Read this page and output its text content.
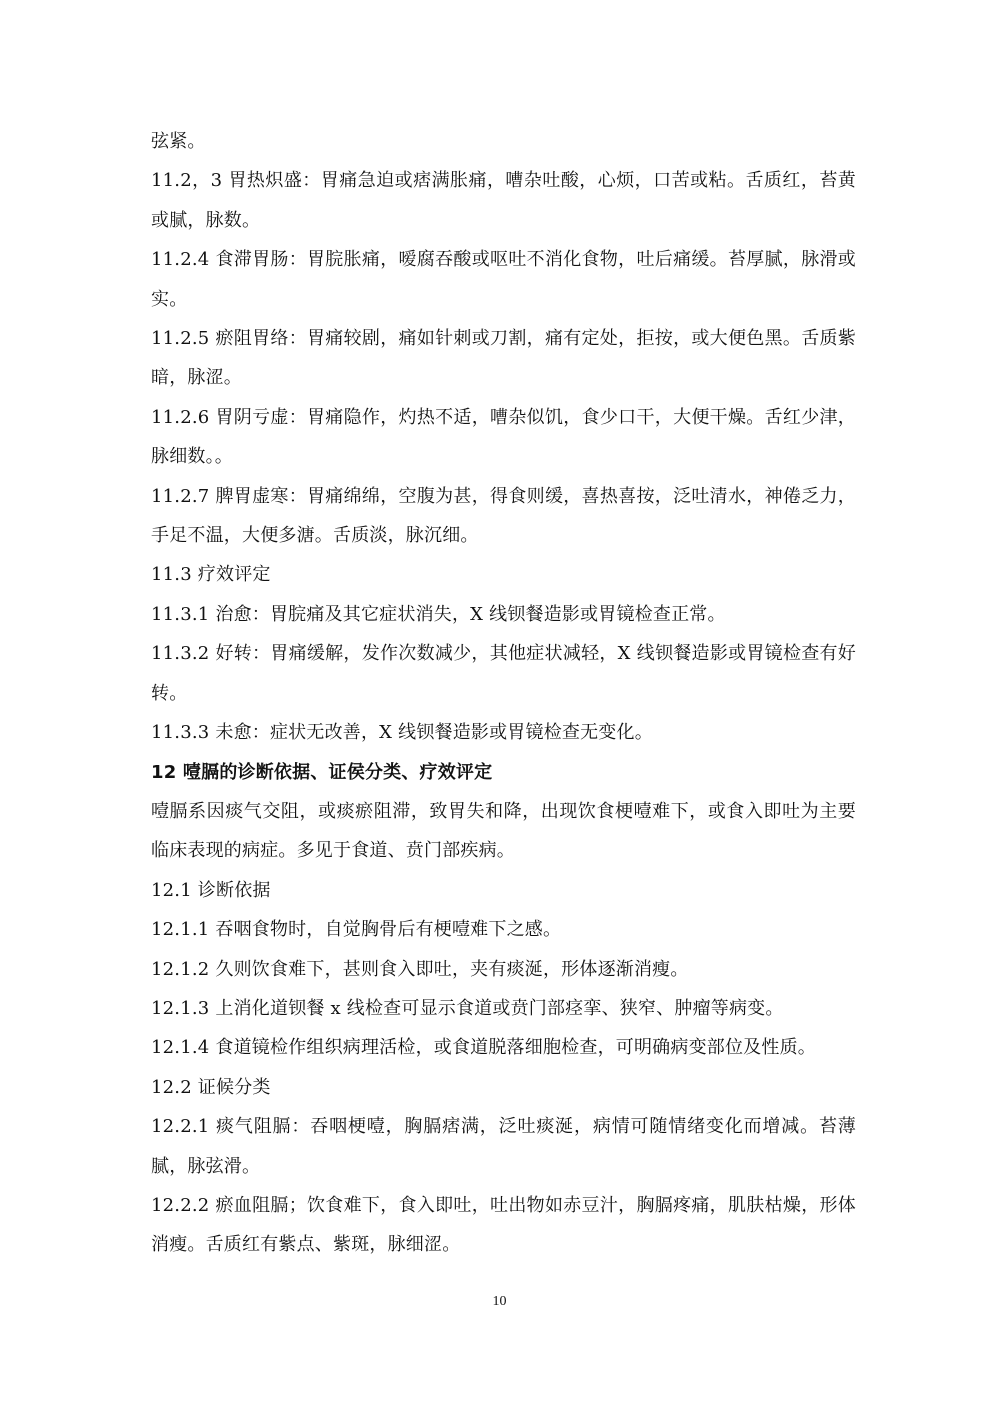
弦紧。

11.2，3 胃热炽盛：胃痛急迫或痞满胀痛，嘈杂吐酸，心烦，口苦或粘。舌质红，苔黄或腻，脉数。

11.2.4 食滞胃肠：胃脘胀痛，嗳腐吞酸或呕吐不消化食物，吐后痛缓。苔厚腻，脉滑或实。

11.2.5 瘀阻胃络：胃痛较剧，痛如针刺或刀割，痛有定处，拒按，或大便色黑。舌质紫暗，脉涩。

11.2.6 胃阴亏虚：胃痛隐作，灼热不适，嘈杂似饥，食少口干，大便干燥。舌红少津，脉细数。。

11.2.7 脾胃虚寒：胃痛绵绵，空腹为甚，得食则缓，喜热喜按，泛吐清水，神倦乏力，手足不温，大便多溏。舌质淡，脉沉细。

11.3 疗效评定

11.3.1 治愈：胃脘痛及其它症状消失，X 线钡餐造影或胃镜检查正常。

11.3.2 好转：胃痛缓解，发作次数减少，其他症状减轻，X 线钡餐造影或胃镜检查有好转。

11.3.3 未愈：症状无改善，X 线钡餐造影或胃镜检查无变化。

12 噎膈的诊断依据、证侯分类、疗效评定

噎膈系因痰气交阻，或痰瘀阻滞，致胃失和降，出现饮食梗噎难下，或食入即吐为主要临床表现的病症。多见于食道、贲门部疾病。

12.1 诊断依据

12.1.1 吞咽食物时，自觉胸骨后有梗噎难下之感。

12.1.2 久则饮食难下，甚则食入即吐，夹有痰涎，形体逐渐消瘦。

12.1.3 上消化道钡餐 x 线检查可显示食道或贲门部痉挛、狭窄、肿瘤等病变。

12.1.4 食道镜检作组织病理活检，或食道脱落细胞检查，可明确病变部位及性质。

12.2 证候分类

12.2.1 痰气阻膈：吞咽梗噎，胸膈痞满，泛吐痰涎，病情可随情绪变化而增减。苔薄腻，脉弦滑。

12.2.2 瘀血阻膈；饮食难下，食入即吐，吐出物如赤豆汁，胸膈疼痛，肌肤枯燥，形体消瘦。舌质红有紫点、紫斑，脉细涩。

10
